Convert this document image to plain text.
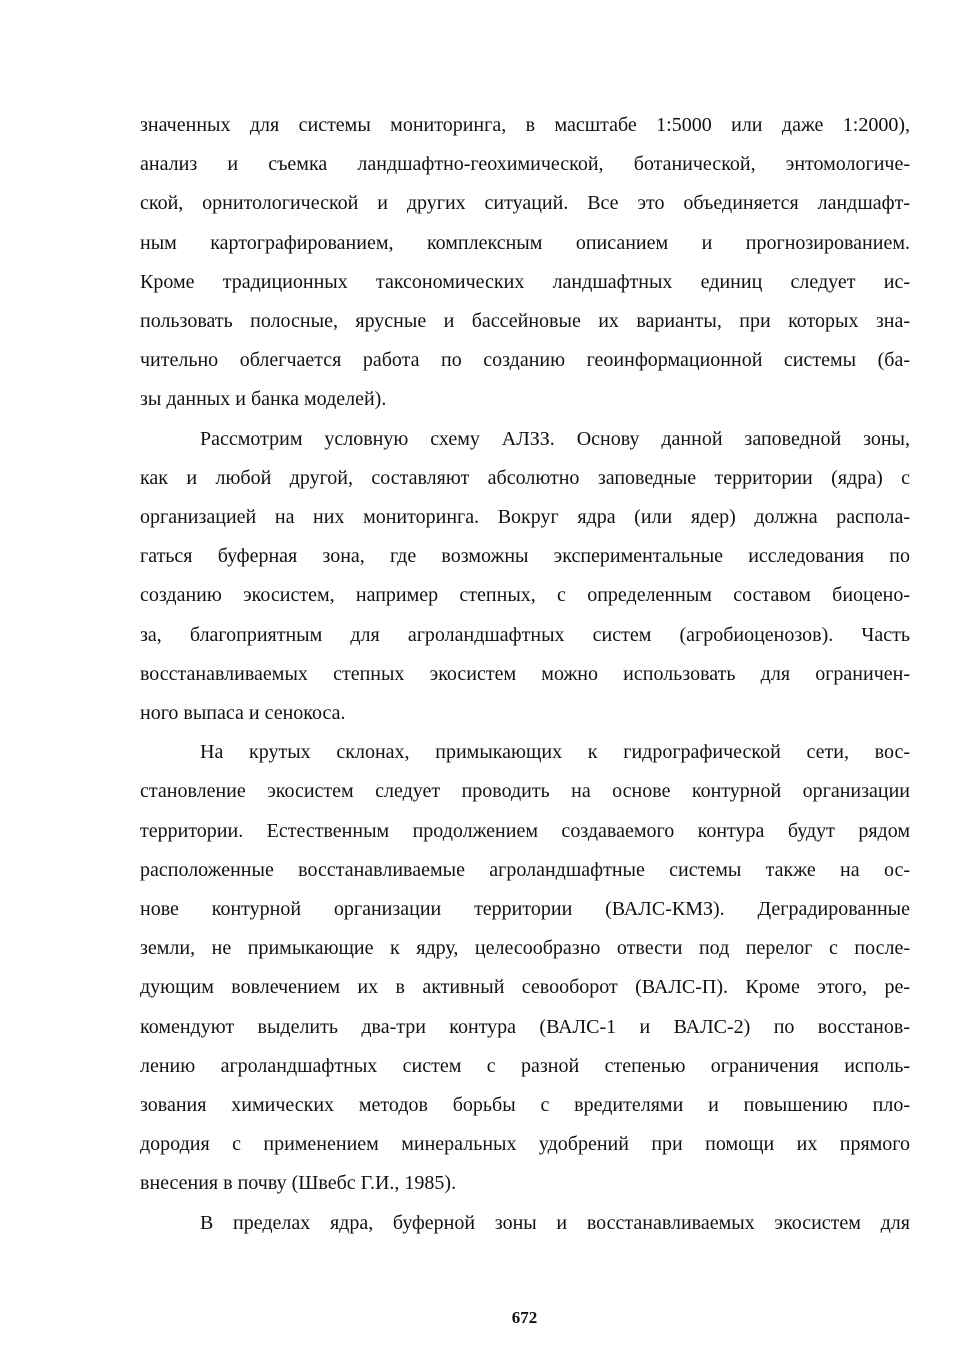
значенных для системы мониторинга, в масштабе 1:5000 или даже 1:2000),
анализ и съемка ландшафтно-геохимической, ботанической, энтомологиче-
ской, орнитологической и других ситуаций. Все это объединяется ландшафт-
ным картографированием, комплексным описанием и прогнозированием.
Кроме традиционных таксономических ландшафтных единиц следует ис-
пользовать полосные, ярусные и бассейновые их варианты, при которых зна-
чительно облегчается работа по созданию геоинформационной системы (ба-
зы данных и банка моделей).

Рассмотрим условную схему АЛЗЗ. Основу данной заповедной зоны,
как и любой другой, составляют абсолютно заповедные территории (ядра) с
организацией на них мониторинга. Вокруг ядра (или ядер) должна распола-
гаться буферная зона, где возможны экспериментальные исследования по
созданию экосистем, например степных, с определенным составом биоцено-
за, благоприятным для агроландшафтных систем (агробиоценозов). Часть
восстанавливаемых степных экосистем можно использовать для ограничен-
ного выпаса и сенокоса.

На крутых склонах, примыкающих к гидрографической сети, вос-
становление экосистем следует проводить на основе контурной организации
территории. Естественным продолжением создаваемого контура будут рядом
расположенные восстанавливаемые агроландшафтные системы также на ос-
нове контурной организации территории (ВАЛС-КМЗ). Деградированные
земли, не примыкающие к ядру, целесообразно отвести под перелог с после-
дующим вовлечением их в активный севооборот (ВАЛС-П). Кроме этого, ре-
комендуют выделить два-три контура (ВАЛС-1 и ВАЛС-2) по восстанов-
лению агроландшафтных систем с разной степенью ограничения исполь-
зования химических методов борьбы с вредителями и повышению пло-
дородия с применением минеральных удобрений при помощи их прямого
внесения в почву (Швебс Г.И., 1985).

В пределах ядра, буферной зоны и восстанавливаемых экосистем для

672
